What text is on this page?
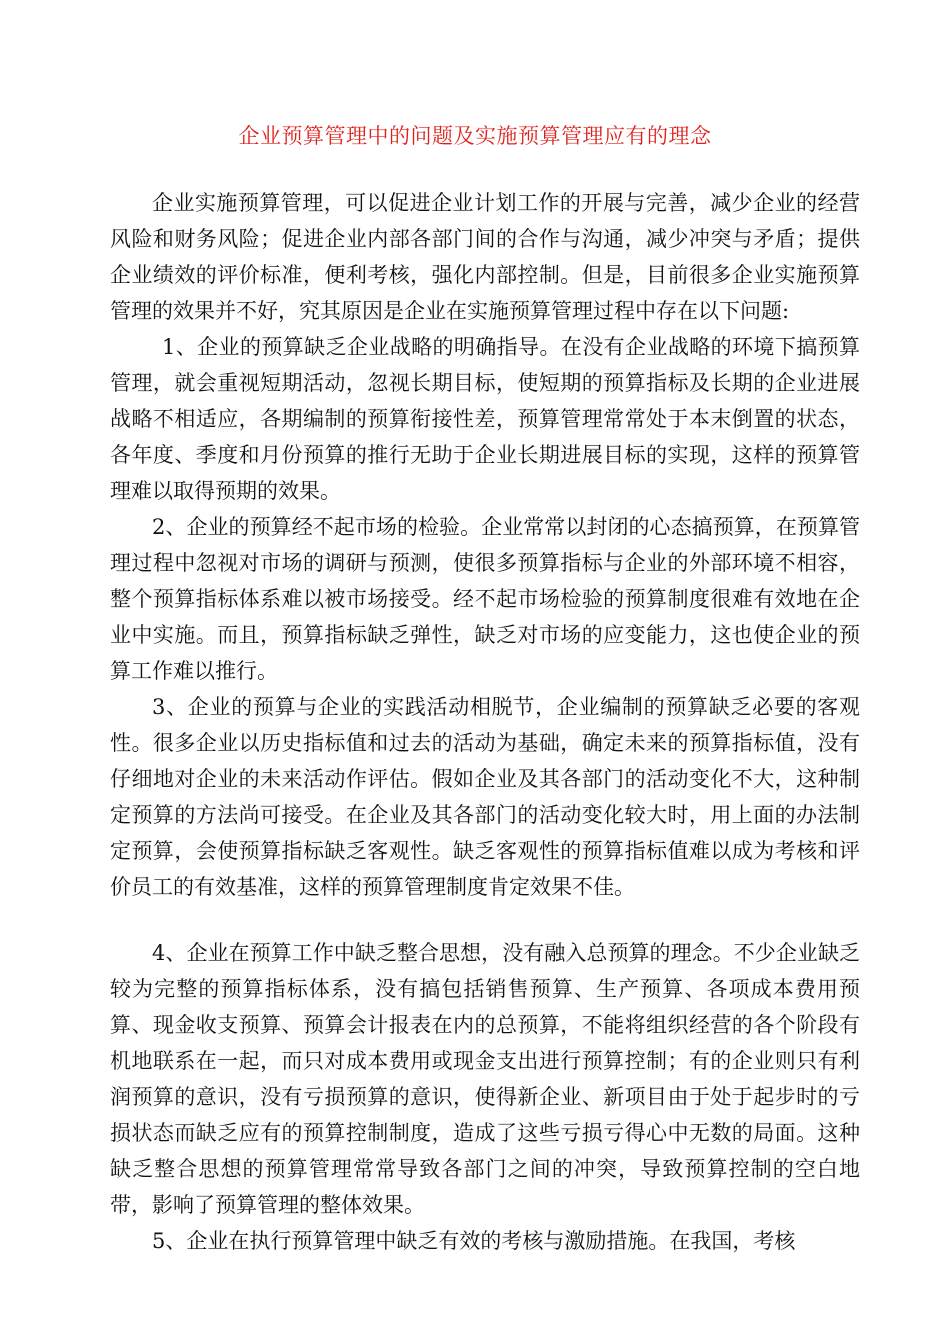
企业预算管理中的问题及实施预算管理应有的理念

企业实施预算管理，可以促进企业计划工作的开展与完善，减少企业的经营风险和财务风险；促进企业内部各部门间的合作与沟通，减少冲突与矛盾；提供企业绩效的评价标准，便利考核，强化内部控制。但是，目前很多企业实施预算管理的效果并不好，究其原因是企业在实施预算管理过程中存在以下问题:

1、企业的预算缺乏企业战略的明确指导。在没有企业战略的环境下搞预算管理，就会重视短期活动，忽视长期目标，使短期的预算指标及长期的企业进展战略不相适应，各期编制的预算衔接性差，预算管理常常处于本末倒置的状态，各年度、季度和月份预算的推行无助于企业长期进展目标的实现，这样的预算管理难以取得预期的效果。

2、企业的预算经不起市场的检验。企业常常以封闭的心态搞预算，在预算管理过程中忽视对市场的调研与预测，使很多预算指标与企业的外部环境不相容，整个预算指标体系难以被市场接受。经不起市场检验的预算制度很难有效地在企业中实施。而且，预算指标缺乏弹性，缺乏对市场的应变能力，这也使企业的预算工作难以推行。

3、企业的预算与企业的实践活动相脱节，企业编制的预算缺乏必要的客观性。很多企业以历史指标值和过去的活动为基础，确定未来的预算指标值，没有仔细地对企业的未来活动作评估。假如企业及其各部门的活动变化不大，这种制定预算的方法尚可接受。在企业及其各部门的活动变化较大时，用上面的办法制定预算，会使预算指标缺乏客观性。缺乏客观性的预算指标值难以成为考核和评价员工的有效基准，这样的预算管理制度肯定效果不佳。

4、企业在预算工作中缺乏整合思想，没有融入总预算的理念。不少企业缺乏较为完整的预算指标体系，没有搞包括销售预算、生产预算、各项成本费用预算、现金收支预算、预算会计报表在内的总预算，不能将组织经营的各个阶段有机地联系在一起，而只对成本费用或现金支出进行预算控制；有的企业则只有利润预算的意识，没有亏损预算的意识，使得新企业、新项目由于处于起步时的亏损状态而缺乏应有的预算控制制度，造成了这些亏损亏得心中无数的局面。这种缺乏整合思想的预算管理常常导致各部门之间的冲突，导致预算控制的空白地带，影响了预算管理的整体效果。

5、企业在执行预算管理中缺乏有效的考核与激励措施。在我国，考核
